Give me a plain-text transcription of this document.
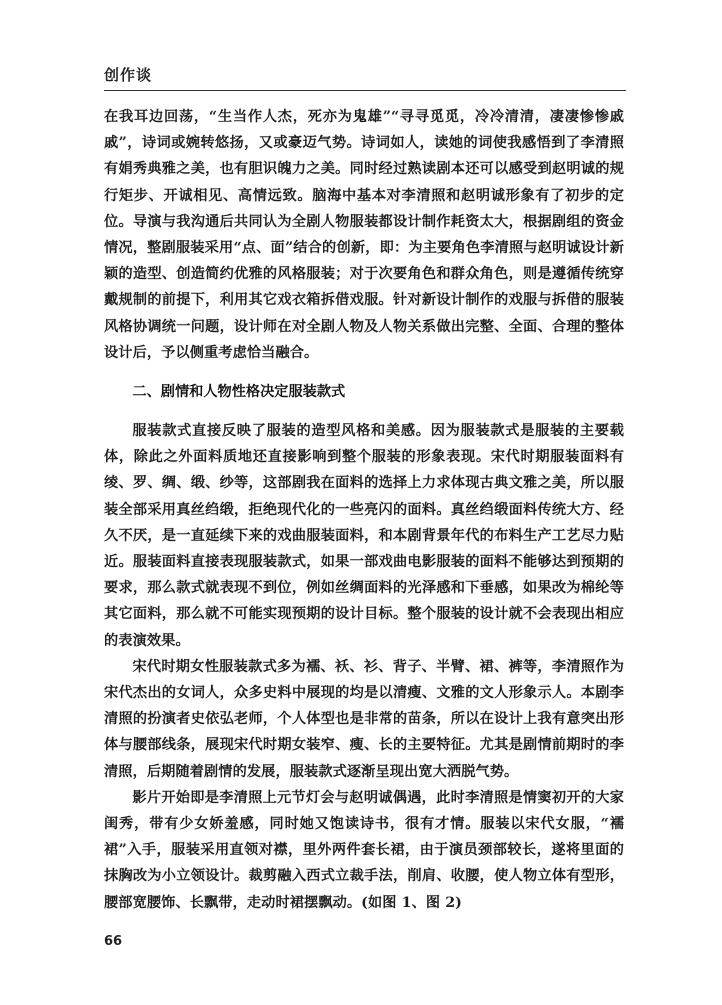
创作谈

在我耳边回荡，“生当作人杰，死亦为鬼雄”“寻寻觅觅，冷冷清清，凄凄惨惨戚戚”，诗词或婉转悠扬，又或豪迈气势。诗词如人，读她的词使我感悟到了李清照有娟秀典雅之美，也有胆识魄力之美。同时经过熟读剧本还可以感受到赵明诚的规行矩步、开诚相见、高情远致。脑海中基本对李清照和赵明诚形象有了初步的定位。导演与我沟通后共同认为全剧人物服装都设计制作耗资太大，根据剧组的资金情况，整剧服装采用“点、面”结合的创新，即：为主要角色李清照与赵明诚设计新颖的造型、创造简约优雅的风格服装；对于次要角色和群众角色，则是遵循传统穿戴规制的前提下，利用其它戏衣箱拆借戏服。针对新设计制作的戏服与拆借的服装风格协调统一问题，设计师在对全剧人物及人物关系做出完整、全面、合理的整体设计后，予以侧重考虑恰当融合。

二、剧情和人物性格决定服装款式

服装款式直接反映了服装的造型风格和美感。因为服装款式是服装的主要载体，除此之外面料质地还直接影响到整个服装的形象表现。宋代时期服装面料有绫、罗、绸、缎、纱等，这部剧我在面料的选择上力求体现古典文雅之美，所以服装全部采用真丝绉缎，拒绝现代化的一些亮闪的面料。真丝绉缎面料传统大方、经久不厌，是一直延续下来的戏曲服装面料，和本剧背景年代的布料生产工艺尽力贴近。服装面料直接表现服装款式，如果一部戏曲电影服装的面料不能够达到预期的要求，那么款式就表现不到位，例如丝绸面料的光泽感和下垂感，如果改为棉纶等其它面料，那么就不可能实现预期的设计目标。整个服装的设计就不会表现出相应的表演效果。

宋代时期女性服装款式多为襦、袄、衫、背子、半臂、裙、裤等，李清照作为宋代杰出的女词人，众多史料中展现的均是以清瘦、文雅的文人形象示人。本剧李清照的扮演者史依弘老师，个人体型也是非常的苗条，所以在设计上我有意突出形体与腰部线条，展现宋代时期女装窄、瘦、长的主要特征。尤其是剧情前期时的李清照，后期随着剧情的发展，服装款式逐渐呈现出宽大洒脱气势。

影片开始即是李清照上元节灯会与赵明诚偶遇，此时李清照是情窦初开的大家闺秀，带有少女娇羞感，同时她又饱读诗书，很有才情。服装以宋代女服，“襦裙”入手，服装采用直领对襟，里外两件套长裙，由于演员颈部较长，遂将里面的抹胸改为小立领设计。裁剪融入西式立裁手法，削肩、收腰，使人物立体有型形，腰部宽腰饰、长飘带，走动时裙摆飘动。(如图 1、图 2)

66
